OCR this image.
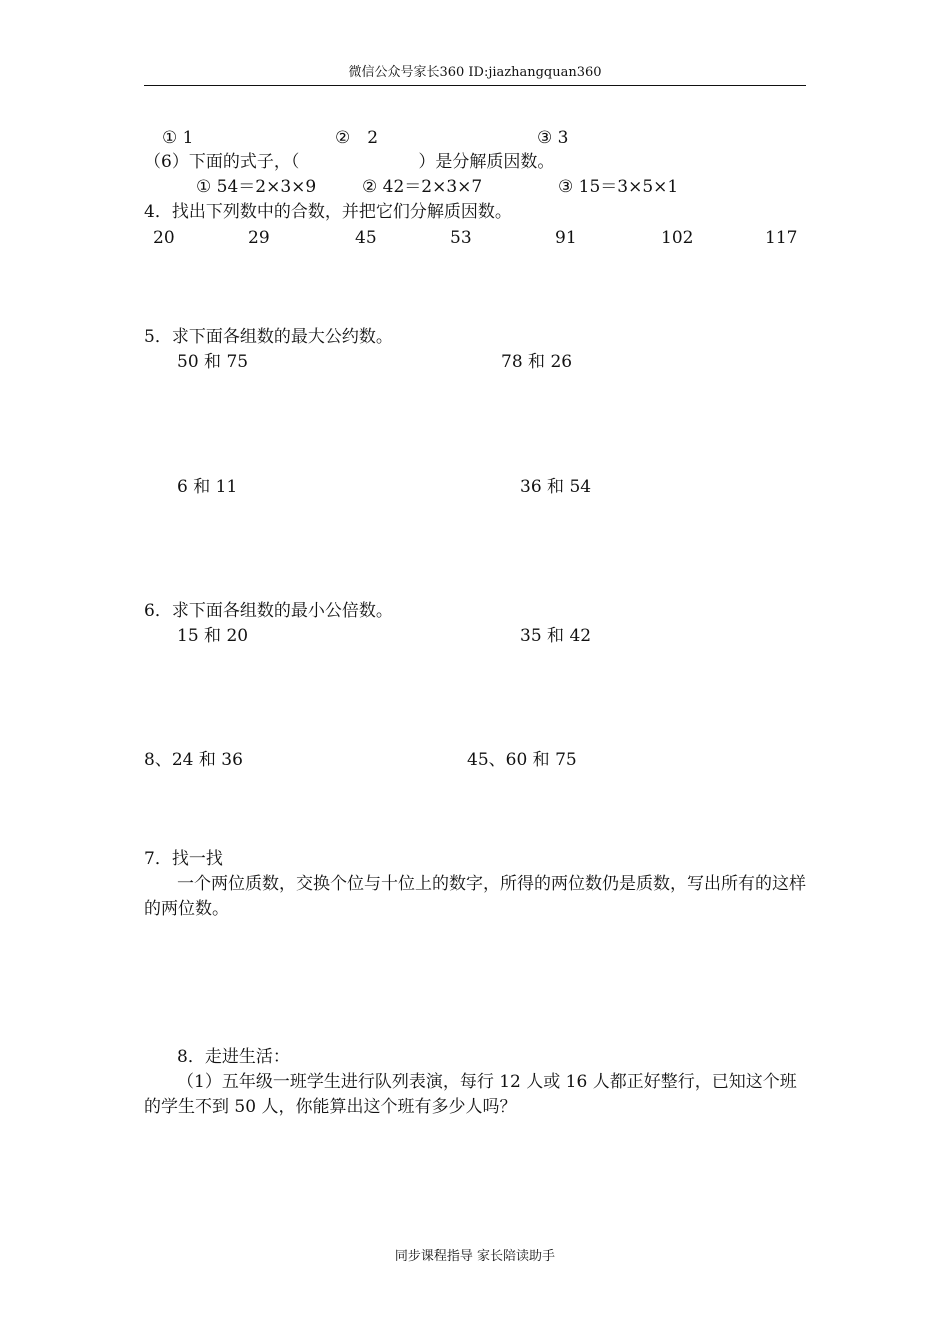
微信公众号家长360 ID:jiazhangquan360
① 1	②　2	③ 3
（6）下面的式子，（　　　　　　　）是分解质因数。
① 54＝2×3×9	② 42＝2×3×7	③ 15＝3×5×1
4．找出下列数中的合数，并把它们分解质因数。
20	29	45	53	91	102	117
5．求下面各组数的最大公约数。
50 和 75	78 和 26
6 和 11	36 和 54
6．求下面各组数的最小公倍数。
15 和 20	35 和 42
8、24 和 36	45、60 和 75
7．找一找
一个两位质数，交换个位与十位上的数字，所得的两位数仍是质数，写出所有的这样的两位数。
8．走进生活：
（1）五年级一班学生进行队列表演，每行 12 人或 16 人都正好整行，已知这个班的学生不到 50 人，你能算出这个班有多少人吗？
同步课程指导 家长陪读助手
